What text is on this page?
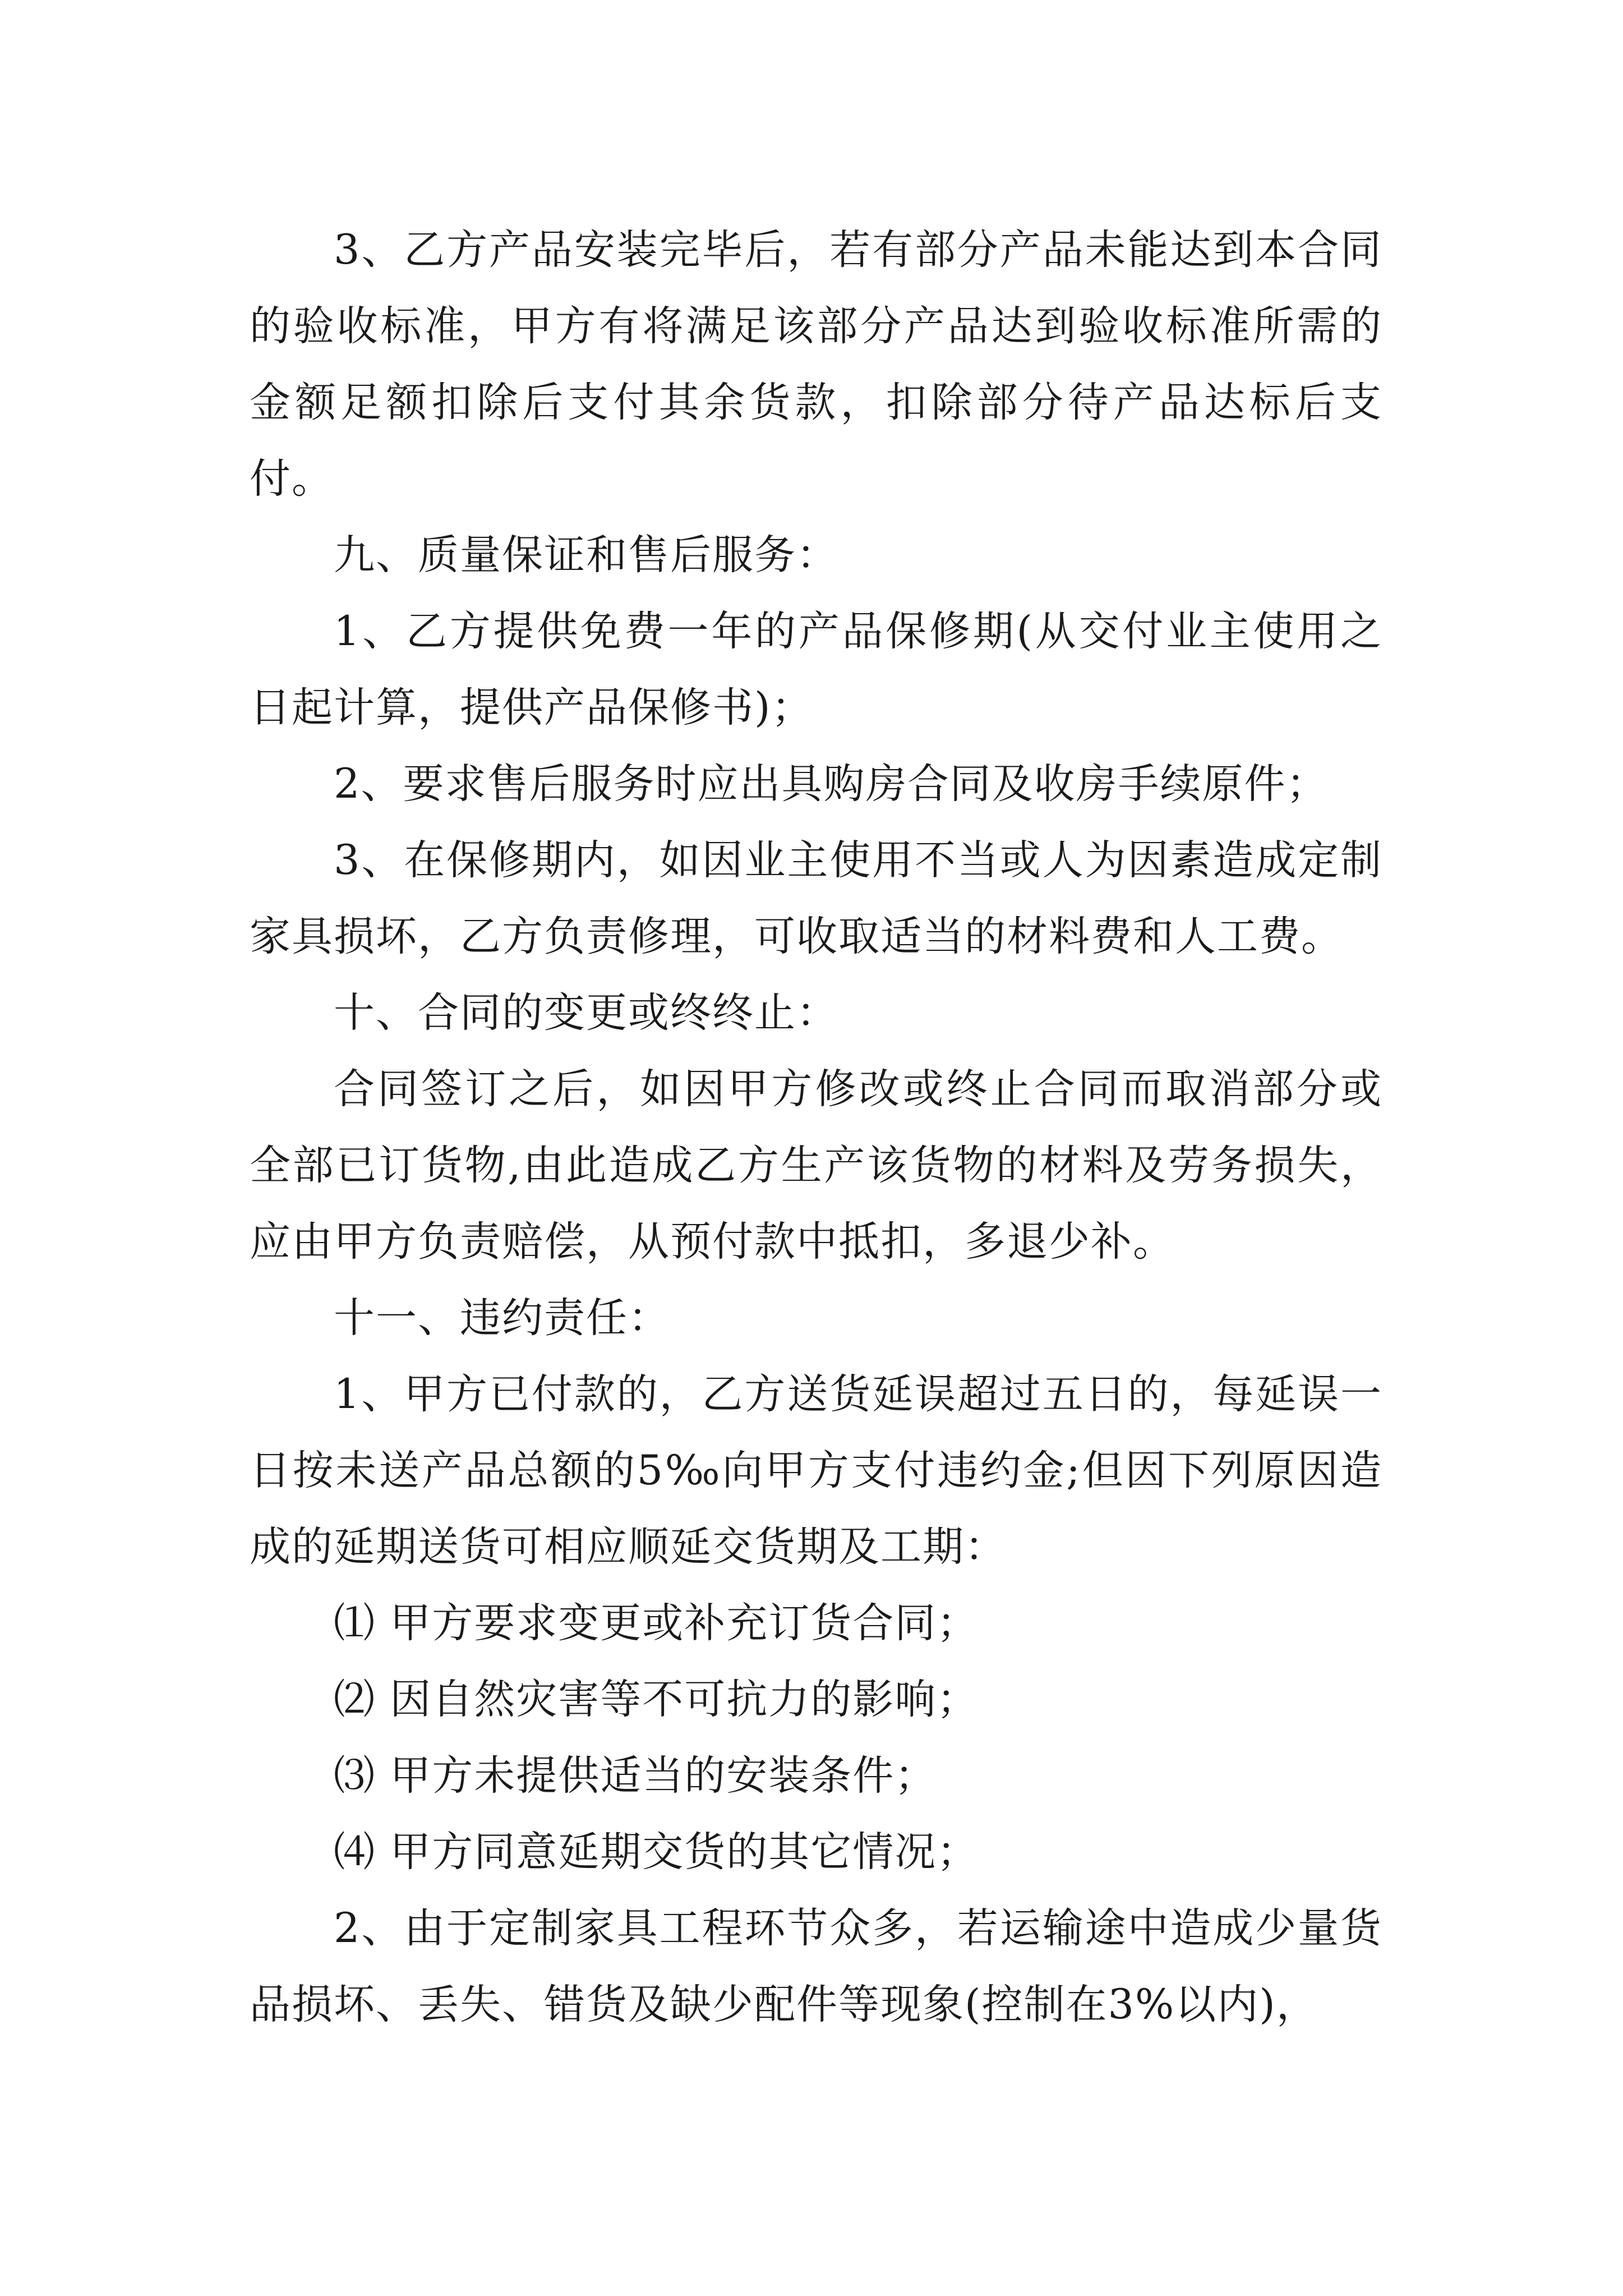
3、乙方产品安装完毕后，若有部分产品未能达到本合同的验收标准，甲方有将满足该部分产品达到验收标准所需的金额足额扣除后支付其余货款，扣除部分待产品达标后支付。

九、质量保证和售后服务：

1、乙方提供免费一年的产品保修期(从交付业主使用之日起计算，提供产品保修书)；

2、要求售后服务时应出具购房合同及收房手续原件；

3、在保修期内，如因业主使用不当或人为因素造成定制家具损坏，乙方负责修理，可收取适当的材料费和人工费。

十、合同的变更或终终止：

合同签订之后，如因甲方修改或终止合同而取消部分或全部已订货物,由此造成乙方生产该货物的材料及劳务损失，应由甲方负责赔偿，从预付款中抵扣，多退少补。

十一、违约责任：

1、甲方已付款的，乙方送货延误超过五日的，每延误一日按未送产品总额的5‰向甲方支付违约金;但因下列原因造成的延期送货可相应顺延交货期及工期：

⑴ 甲方要求变更或补充订货合同；

⑵ 因自然灾害等不可抗力的影响；

⑶ 甲方未提供适当的安装条件；

⑷ 甲方同意延期交货的其它情况；

2、由于定制家具工程环节众多，若运输途中造成少量货品损坏、丢失、错货及缺少配件等现象(控制在3%以内)，
